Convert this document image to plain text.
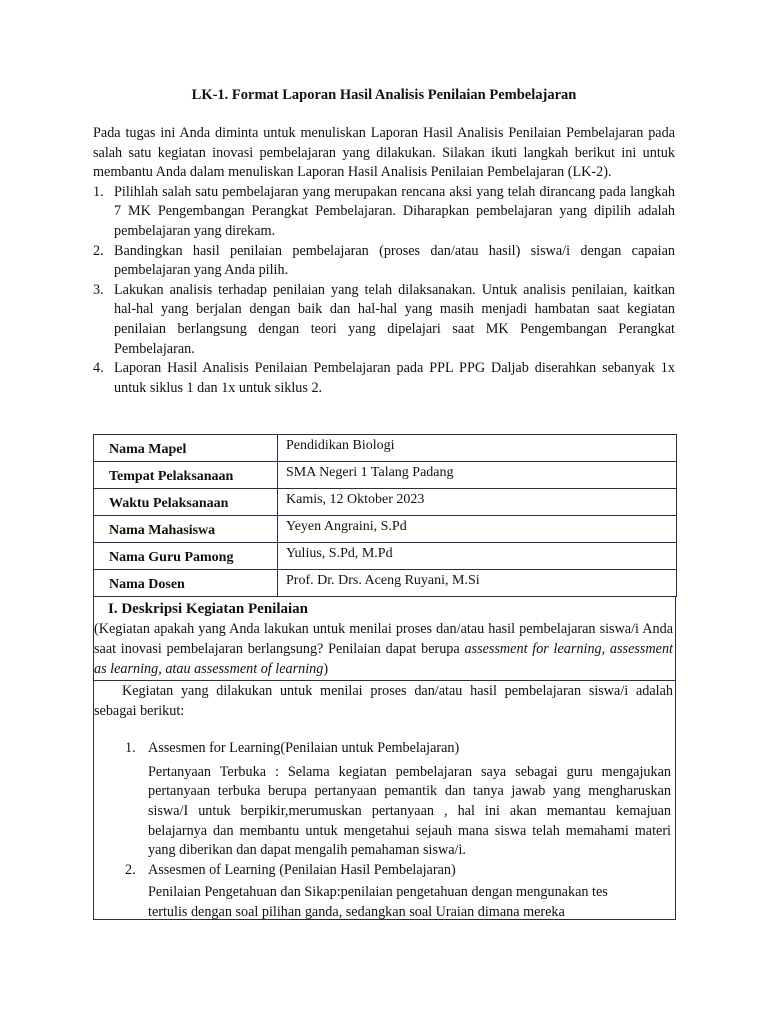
LK-1. Format Laporan Hasil Analisis Penilaian Pembelajaran

Pada tugas ini Anda diminta untuk menuliskan Laporan Hasil Analisis Penilaian Pembelajaran pada salah satu kegiatan inovasi pembelajaran yang dilakukan. Silakan ikuti langkah berikut ini untuk membantu Anda dalam menuliskan Laporan Hasil Analisis Penilaian Pembelajaran (LK-2).

1. Pilihlah salah satu pembelajaran yang merupakan rencana aksi yang telah dirancang pada langkah 7 MK Pengembangan Perangkat Pembelajaran. Diharapkan pembelajaran yang dipilih adalah pembelajaran yang direkam.
2. Bandingkan hasil penilaian pembelajaran (proses dan/atau hasil) siswa/i dengan capaian pembelajaran yang Anda pilih.
3. Lakukan analisis terhadap penilaian yang telah dilaksanakan. Untuk analisis penilaian, kaitkan hal-hal yang berjalan dengan baik dan hal-hal yang masih menjadi hambatan saat kegiatan penilaian berlangsung dengan teori yang dipelajari saat MK Pengembangan Perangkat Pembelajaran.
4. Laporan Hasil Analisis Penilaian Pembelajaran pada PPL PPG Daljab diserahkan sebanyak 1x untuk siklus 1 dan 1x untuk siklus 2.
Nama Mapel	Pendidikan Biologi
Tempat Pelaksanaan	SMA Negeri 1 Talang Padang
Waktu Pelaksanaan	Kamis, 12 Oktober 2023
Nama Mahasiswa	Yeyen Angraini, S.Pd
Nama Guru Pamong	Yulius, S.Pd, M.Pd
Nama Dosen	Prof. Dr. Drs. Aceng Ruyani, M.Si
I. Deskripsi Kegiatan Penilaian
(Kegiatan apakah yang Anda lakukan untuk menilai proses dan/atau hasil pembelajaran siswa/i Anda saat inovasi pembelajaran berlangsung? Penilaian dapat berupa assessment for learning, assessment as learning, atau assessment of learning)
Kegiatan yang dilakukan untuk menilai proses dan/atau hasil pembelajaran siswa/i adalah sebagai berikut:
1. Assesmen for Learning(Penilaian untuk Pembelajaran)
Pertanyaan Terbuka : Selama kegiatan pembelajaran saya sebagai guru mengajukan pertanyaan terbuka berupa pertanyaan pemantik dan tanya jawab yang mengharuskan siswa/I untuk berpikir,merumuskan pertanyaan , hal ini akan memantau kemajuan belajarnya dan membantu untuk mengetahui sejauh mana siswa telah memahami materi yang diberikan dan dapat mengalih pemahaman siswa/i.
2. Assesmen of Learning (Penilaian Hasil Pembelajaran)
Penilaian Pengetahuan dan Sikap:penilaian pengetahuan dengan mengunakan tes tertulis dengan soal pilihan ganda, sedangkan soal Uraian dimana mereka
